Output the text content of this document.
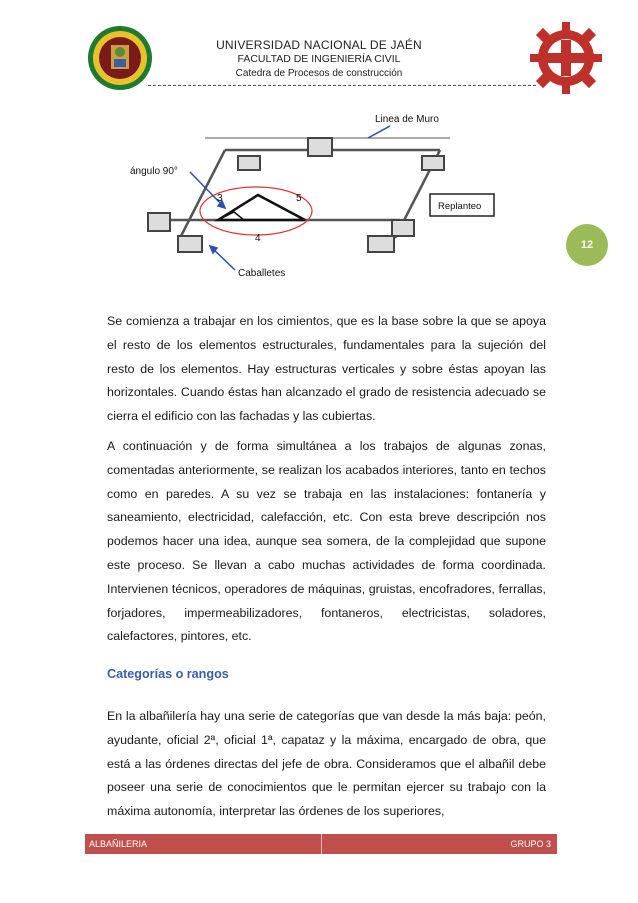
UNIVERSIDAD NACIONAL DE JAÉN
FACULTAD DE INGENIERÍA CIVIL
Catedra de Procesos de construcción
12
Linea de Muro
ángulo 90°
3	5
4
Replanteo
Caballetes
Se comienza a trabajar en los cimientos, que es la base sobre la que se apoya el resto de los elementos estructurales, fundamentales para la sujeción del resto de los elementos. Hay estructuras verticales y sobre éstas apoyan las horizontales. Cuando éstas han alcanzado el grado de resistencia adecuado se cierra el edificio con las fachadas y las cubiertas.
A continuación y de forma simultánea a los trabajos de algunas zonas, comentadas anteriormente, se realizan los acabados interiores, tanto en techos como en paredes. A su vez se trabaja en las instalaciones: fontanería y saneamiento, electricidad, calefacción, etc. Con esta breve descripción nos podemos hacer una idea, aunque sea somera, de la complejidad que supone este proceso. Se llevan a cabo muchas actividades de forma coordinada. Intervienen técnicos, operadores de máquinas, gruistas, encofradores, ferrallas, forjadores, impermeabilizadores, fontaneros, electricistas, soladores, calefactores, pintores, etc.
Categorías o rangos
En la albañilería hay una serie de categorías que van desde la más baja: peón, ayudante, oficial 2ª, oficial 1ª, capataz y la máxima, encargado de obra, que está a las órdenes directas del jefe de obra. Consideramos que el albañil debe poseer una serie de conocimientos que le permitan ejercer su trabajo con la máxima autonomía, interpretar las órdenes de los superiores,
ALBAÑILERIA	GRUPO 3
